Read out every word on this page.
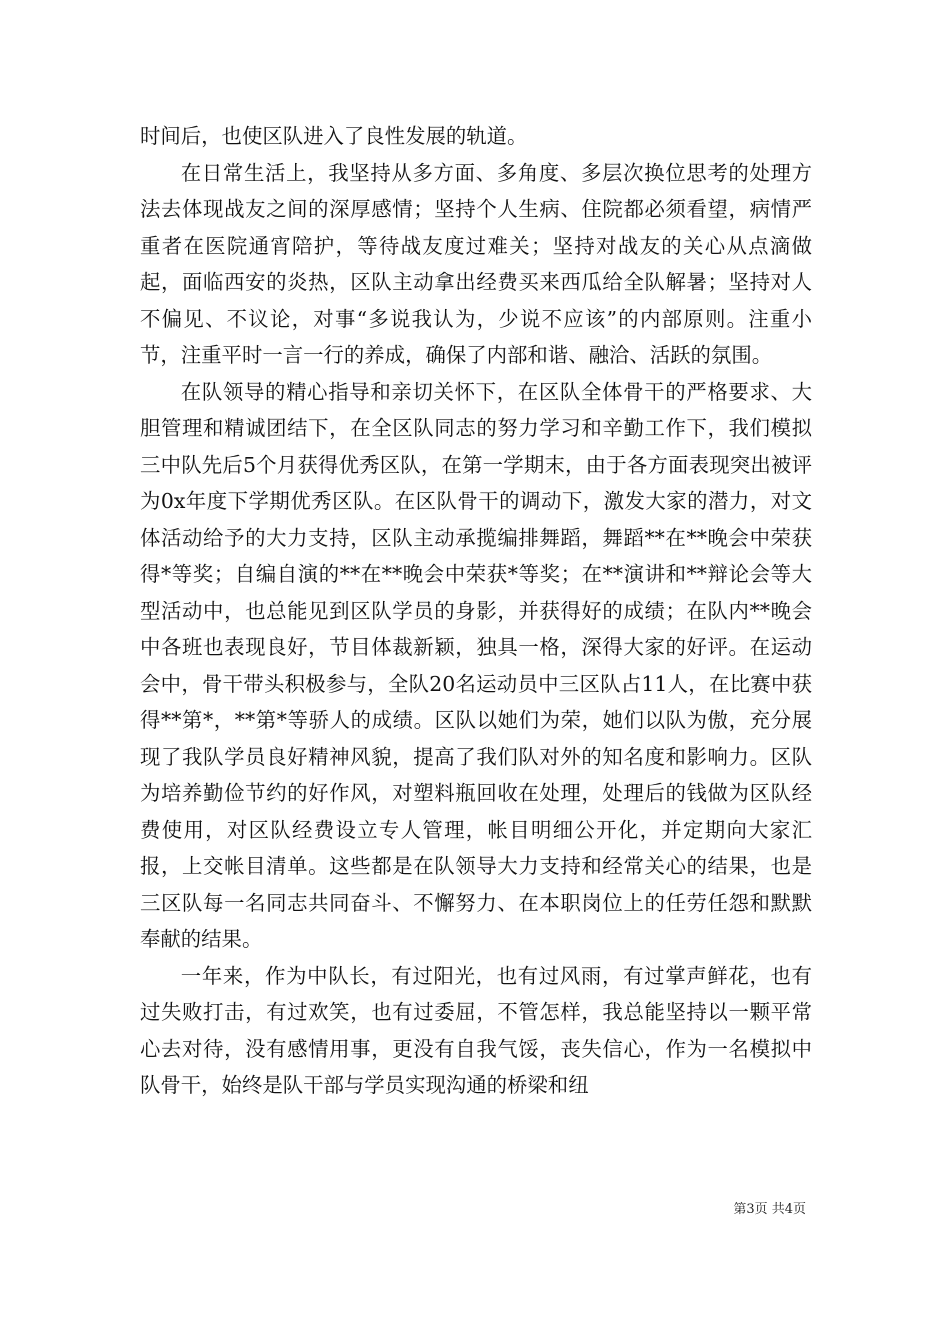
时间后，也使区队进入了良性发展的轨道。

在日常生活上，我坚持从多方面、多角度、多层次换位思考的处理方法去体现战友之间的深厚感情；坚持个人生病、住院都必须看望，病情严重者在医院通宵陪护，等待战友度过难关；坚持对战友的关心从点滴做起，面临西安的炎热，区队主动拿出经费买来西瓜给全队解暑；坚持对人不偏见、不议论，对事“多说我认为，少说不应该”的内部原则。注重小节，注重平时一言一行的养成，确保了内部和谐、融洽、活跃的氛围。

在队领导的精心指导和亲切关怀下，在区队全体骨干的严格要求、大胆管理和精诚团结下，在全区队同志的努力学习和辛勤工作下，我们模拟三中队先后5个月获得优秀区队，在第一学期末，由于各方面表现突出被评为0x年度下学期优秀区队。在区队骨干的调动下，激发大家的潜力，对文体活动给予的大力支持，区队主动承揽编排舞蹈，舞蹈**在**晚会中荣获得*等奖；自编自演的**在**晚会中荣获*等奖；在**演讲和**辩论会等大型活动中，也总能见到区队学员的身影，并获得好的成绩；在队内**晚会中各班也表现良好，节目体裁新颖，独具一格，深得大家的好评。在运动会中，骨干带头积极参与，全队20名运动员中三区队占11人，在比赛中获得**第*，**第*等骄人的成绩。区队以她们为荣，她们以队为傲，充分展现了我队学员良好精神风貌，提高了我们队对外的知名度和影响力。区队为培养勤俭节约的好作风，对塑料瓶回收在处理，处理后的钱做为区队经费使用，对区队经费设立专人管理，帐目明细公开化，并定期向大家汇报，上交帐目清单。这些都是在队领导大力支持和经常关心的结果，也是三区队每一名同志共同奋斗、不懈努力、在本职岗位上的任劳任怨和默默奉献的结果。

一年来，作为中队长，有过阳光，也有过风雨，有过掌声鲜花，也有过失败打击，有过欢笑，也有过委屈，不管怎样，我总能坚持以一颗平常心去对待，没有感情用事，更没有自我气馁，丧失信心，作为一名模拟中队骨干，始终是队干部与学员实现沟通的桥梁和纽

第3页 共4页
